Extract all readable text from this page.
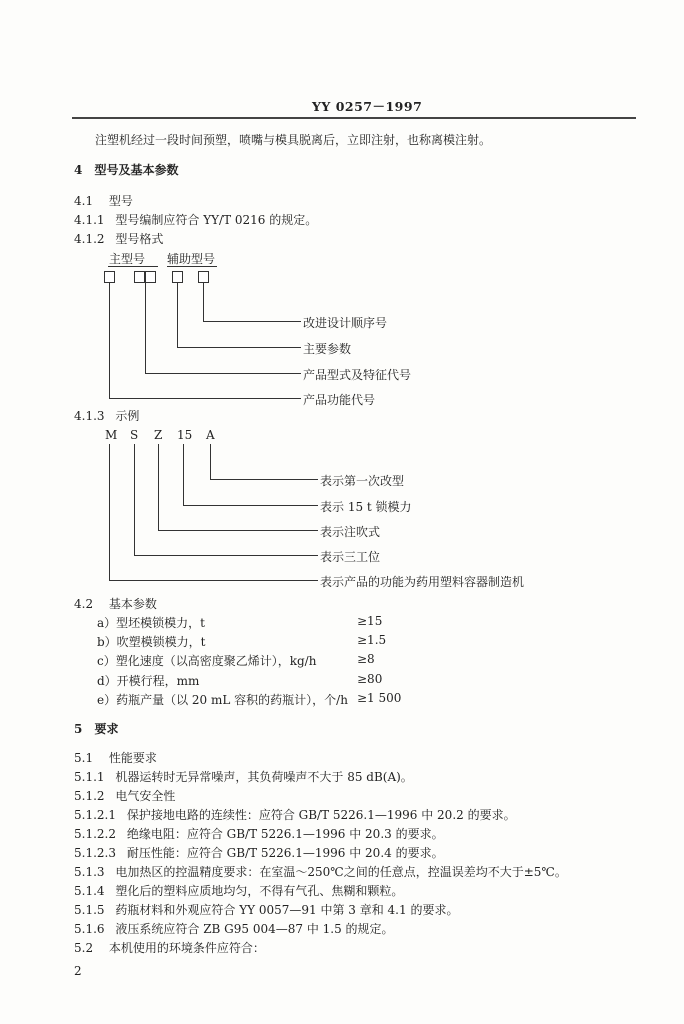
YY 0257－1997
注塑机经过一段时间预塑，喷嘴与模具脱离后，立即注射，也称离模注射。
4 型号及基本参数
4.1 型号
4.1.1 型号编制应符合 YY/T 0216 的规定。
4.1.2 型号格式
主型号 辅助型号
改进设计顺序号
主要参数
产品型式及特征代号
产品功能代号
4.1.3 示例
M S Z 15 A
表示第一次改型
表示 15 t 锁模力
表示注吹式
表示三工位
表示产品的功能为药用塑料容器制造机
4.2 基本参数
a）型坯模锁模力，t	≥15
b）吹塑模锁模力，t	≥1.5
c）塑化速度（以高密度聚乙烯计），kg/h	≥8
d）开模行程，mm	≥80
e）药瓶产量（以 20 mL 容积的药瓶计），个/h ≥1 500
5 要求
5.1 性能要求
5.1.1 机器运转时无异常噪声，其负荷噪声不大于 85 dB(A)。
5.1.2 电气安全性
5.1.2.1 保护接地电路的连续性：应符合 GB/T 5226.1—1996 中 20.2 的要求。
5.1.2.2 绝缘电阻：应符合 GB/T 5226.1—1996 中 20.3 的要求。
5.1.2.3 耐压性能：应符合 GB/T 5226.1—1996 中 20.4 的要求。
5.1.3 电加热区的控温精度要求：在室温～250℃之间的任意点，控温误差均不大于±5℃。
5.1.4 塑化后的塑料应质地均匀，不得有气孔、焦糊和颗粒。
5.1.5 药瓶材料和外观应符合 YY 0057—91 中第 3 章和 4.1 的要求。
5.1.6 液压系统应符合 ZB G95 004—87 中 1.5 的规定。
5.2 本机使用的环境条件应符合：
2
